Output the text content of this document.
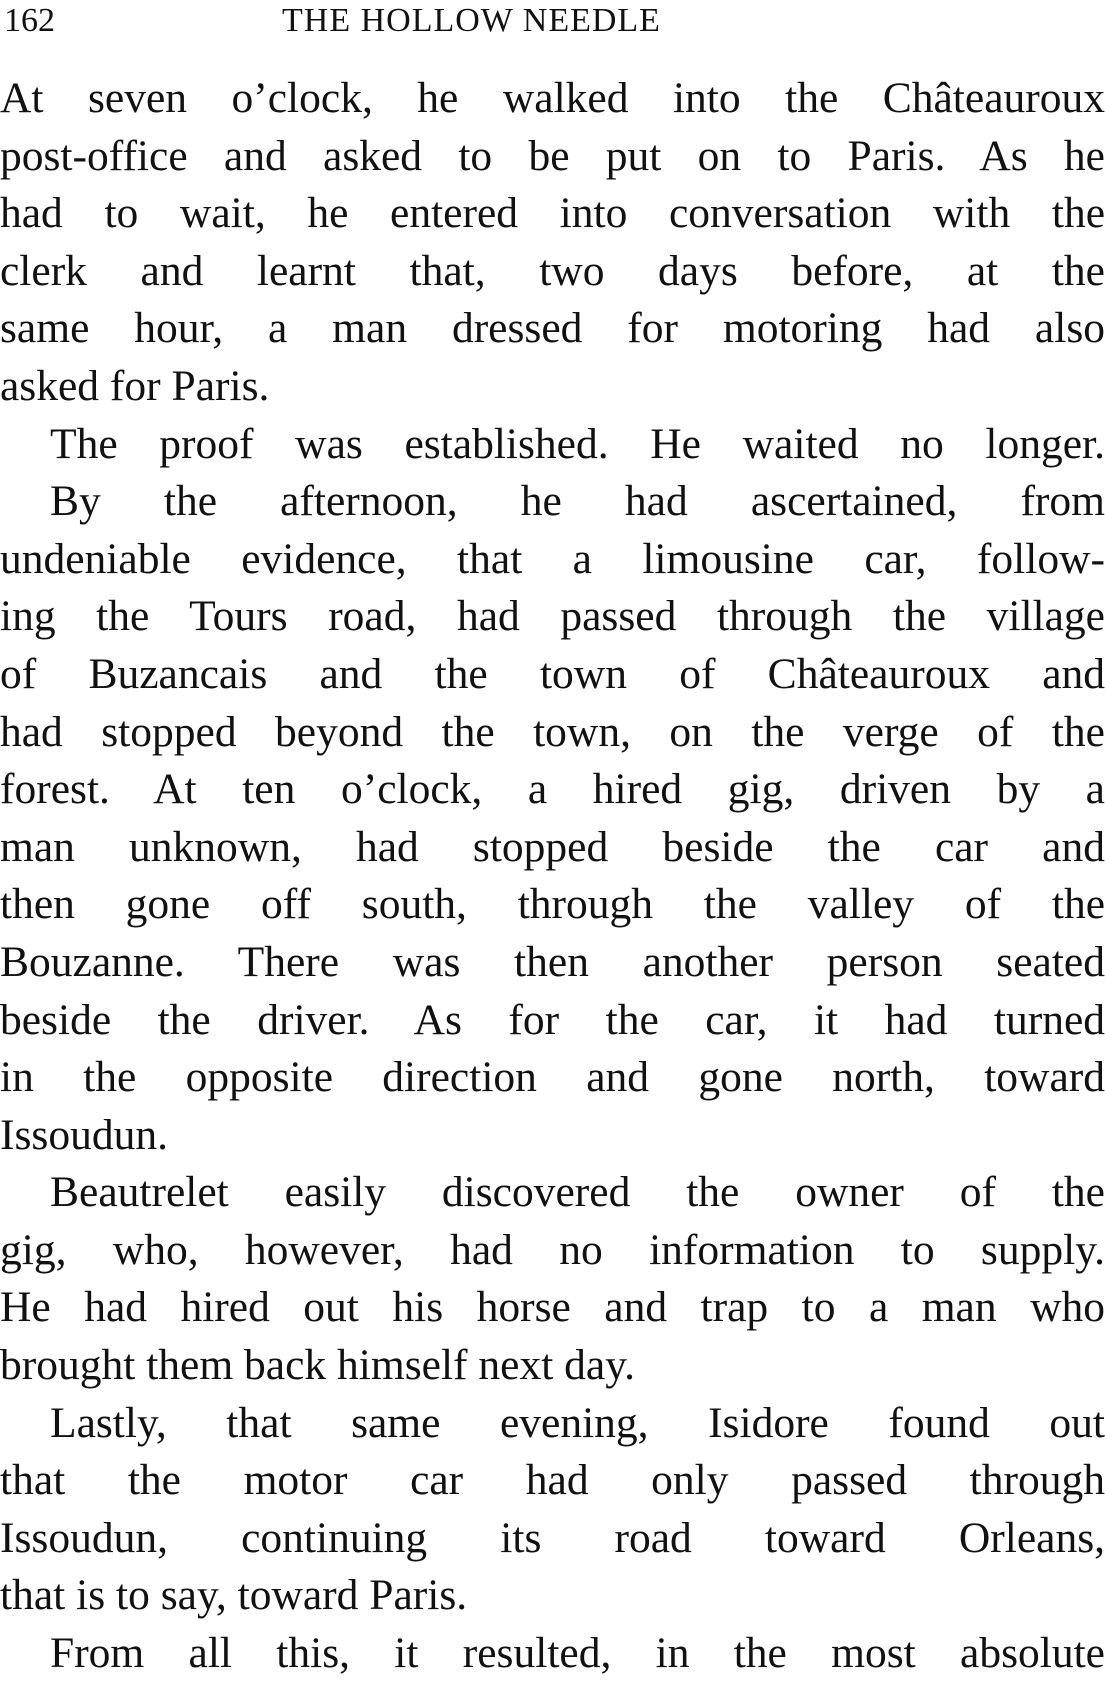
162	THE HOLLOW NEEDLE
At seven o’clock, he walked into the Châteauroux
post-office and asked to be put on to Paris. As he
had to wait, he entered into conversation with the
clerk and learnt that, two days before, at the
same hour, a man dressed for motoring had also
asked for Paris.
The proof was established. He waited no longer.
By the afternoon, he had ascertained, from
undeniable evidence, that a limousine car, follow-
ing the Tours road, had passed through the village
of Buzancais and the town of Châteauroux and
had stopped beyond the town, on the verge of the
forest. At ten o’clock, a hired gig, driven by a
man unknown, had stopped beside the car and
then gone off south, through the valley of the
Bouzanne. There was then another person seated
beside the driver. As for the car, it had turned
in the opposite direction and gone north, toward
Issoudun.
Beautrelet easily discovered the owner of the
gig, who, however, had no information to supply.
He had hired out his horse and trap to a man who
brought them back himself next day.
Lastly, that same evening, Isidore found out
that the motor car had only passed through
Issoudun, continuing its road toward Orleans,
that is to say, toward Paris.
From all this, it resulted, in the most absolute
